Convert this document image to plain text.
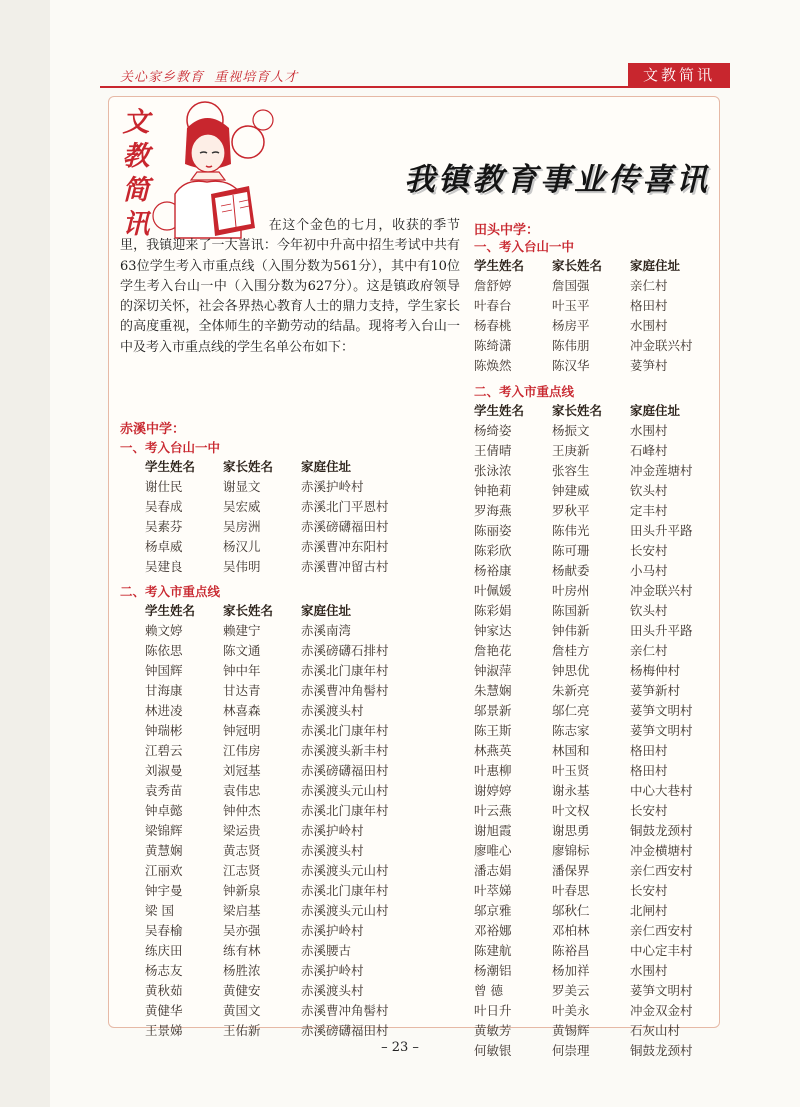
关心家乡教育  重视培育人才	文教简讯
文教简讯
我镇教育事业传喜讯
在这个金色的七月，收获的季节里，我镇迎来了一大喜讯：今年初中升高中招生考试中共有63位学生考入市重点线（入围分数为561分），其中有10位学生考入台山一中（入围分数为627分）。这是镇政府领导的深切关怀，社会各界热心教育人士的鼎力支持，学生家长的高度重视，全体师生的辛勤劳动的结晶。现将考入台山一中及考入市重点线的学生名单公布如下：
赤溪中学：
一、考入台山一中
学生姓名	家长姓名	家庭住址
谢仕民	谢显文	赤溪护岭村
吴春成	吴宏威	赤溪北门平恩村
吴素芬	吴房洲	赤溪磅礴福田村
杨卓威	杨汉儿	赤溪曹冲东阳村
吴建良	吴伟明	赤溪曹冲留古村
二、考入市重点线
学生姓名	家长姓名	家庭住址
赖文婷	赖建宁	赤溪南湾
陈依思	陈文通	赤溪磅礴石排村
钟国辉	钟中年	赤溪北门康年村
甘海康	甘达青	赤溪曹冲角髻村
林进凌	林喜森	赤溪渡头村
钟瑞彬	钟冠明	赤溪北门康年村
江碧云	江伟房	赤溪渡头新丰村
刘淑曼	刘冠基	赤溪磅礴福田村
袁秀苗	袁伟忠	赤溪渡头元山村
钟卓懿	钟仲杰	赤溪北门康年村
梁锦辉	梁运贵	赤溪护岭村
黄慧娴	黄志贤	赤溪渡头村
江丽欢	江志贤	赤溪渡头元山村
钟宇曼	钟新泉	赤溪北门康年村
梁 国	梁启基	赤溪渡头元山村
吴春榆	吴亦强	赤溪护岭村
练庆田	练有林	赤溪腰古
杨志友	杨胜浓	赤溪护岭村
黄秋茹	黄健安	赤溪渡头村
黄健华	黄国文	赤溪曹冲角髻村
王景娣	王佑新	赤溪磅礴福田村
田头中学：
一、考入台山一中
学生姓名	家长姓名	家庭住址
詹舒婷	詹国强	亲仁村
叶春台	叶玉平	格田村
杨春桃	杨房平	水围村
陈绮潇	陈伟朋	冲金联兴村
陈焕然	陈汉华	荽笋村
二、考入市重点线
学生姓名	家长姓名	家庭住址
杨绮姿	杨振文	水围村
王倩晴	王庚新	石峰村
张泳浓	张容生	冲金莲塘村
钟艳莉	钟建威	钦头村
罗海燕	罗秋平	定丰村
陈丽姿	陈伟光	田头升平路
陈彩欣	陈可珊	长安村
杨裕康	杨献委	小马村
叶佩媛	叶房州	冲金联兴村
陈彩娟	陈国新	钦头村
钟家达	钟伟新	田头升平路
詹艳花	詹桂方	亲仁村
钟淑萍	钟思优	杨梅仲村
朱慧娴	朱新亮	荽笋新村
邬景新	邬仁亮	荽笋文明村
陈王斯	陈志家	荽笋文明村
林燕英	林国和	格田村
叶惠柳	叶玉贤	格田村
谢婷婷	谢永基	中心大巷村
叶云燕	叶文权	长安村
谢旭霞	谢思勇	铜鼓龙颈村
廖唯心	廖锦标	冲金横塘村
潘志娟	潘保界	亲仁西安村
叶萃娣	叶春思	长安村
邬京雅	邬秋仁	北闸村
邓裕娜	邓柏林	亲仁西安村
陈建航	陈裕昌	中心定丰村
杨潮铝	杨加祥	水围村
曾 德	罗美云	荽笋文明村
叶日升	叶美永	冲金双金村
黄敏芳	黄锡辉	石灰山村
何敏银	何崇理	铜鼓龙颈村
– 23 –
